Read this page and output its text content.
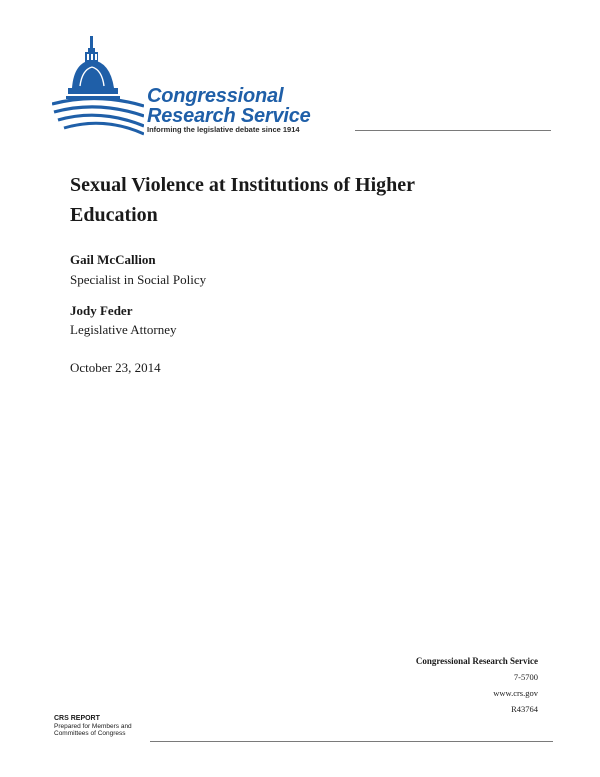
Congressional
Research Service
Informing the legislative debate since 1914
Sexual Violence at Institutions of Higher Education
Gail McCallion
Specialist in Social Policy
Jody Feder
Legislative Attorney
October 23, 2014
Congressional Research Service
7-5700
www.crs.gov
R43764
CRS REPORT
Prepared for Members and
Committees of Congress
